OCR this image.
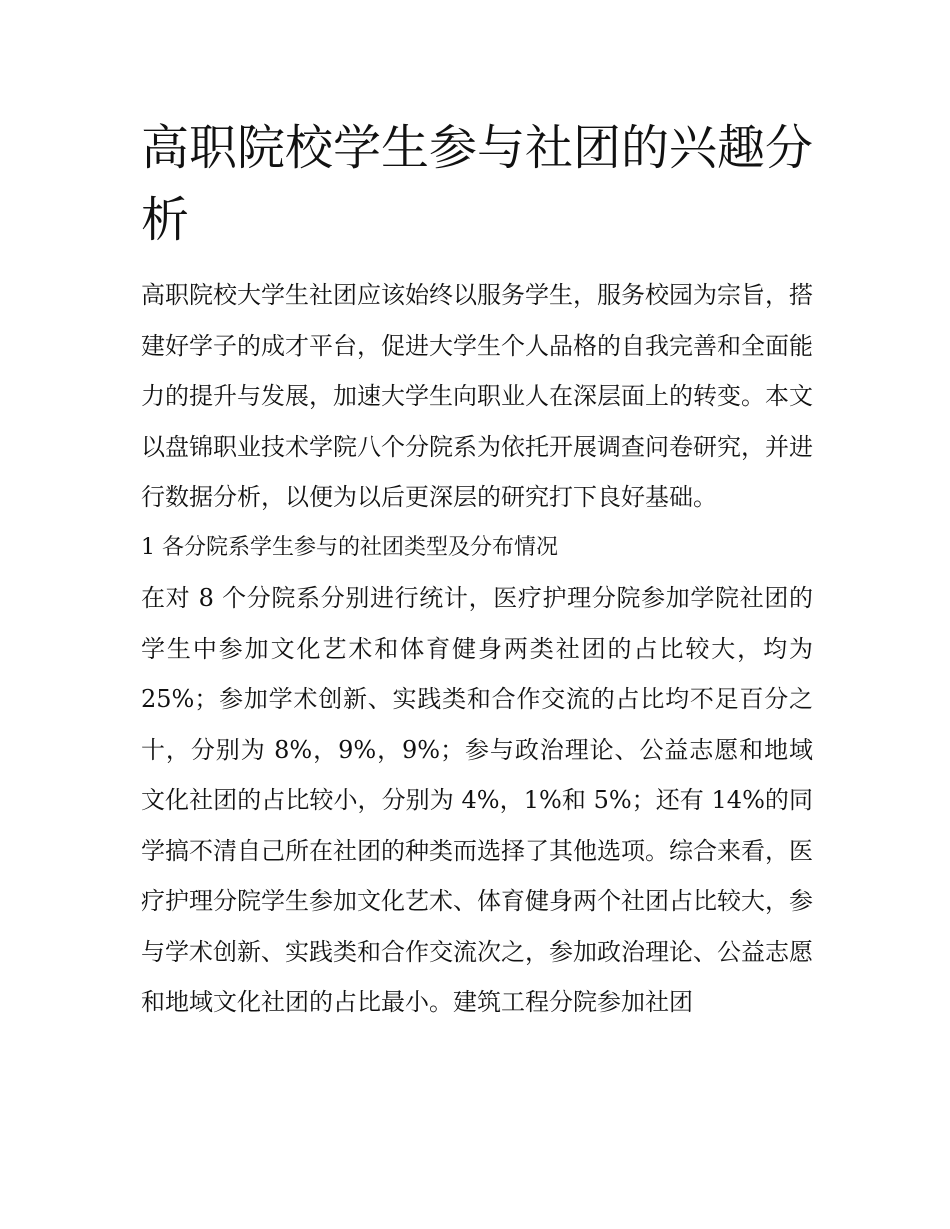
高职院校学生参与社团的兴趣分析

高职院校大学生社团应该始终以服务学生，服务校园为宗旨，搭建好学子的成才平台，促进大学生个人品格的自我完善和全面能力的提升与发展，加速大学生向职业人在深层面上的转变。本文以盘锦职业技术学院八个分院系为依托开展调查问卷研究，并进行数据分析，以便为以后更深层的研究打下良好基础。

1 各分院系学生参与的社团类型及分布情况

在对 8 个分院系分别进行统计，医疗护理分院参加学院社团的学生中参加文化艺术和体育健身两类社团的占比较大，均为 25%；参加学术创新、实践类和合作交流的占比均不足百分之十，分别为 8%，9%，9%；参与政治理论、公益志愿和地域文化社团的占比较小，分别为 4%，1%和 5%；还有 14%的同学搞不清自己所在社团的种类而选择了其他选项。综合来看，医疗护理分院学生参加文化艺术、体育健身两个社团占比较大，参与学术创新、实践类和合作交流次之，参加政治理论、公益志愿和地域文化社团的占比最小。建筑工程分院参加社团
